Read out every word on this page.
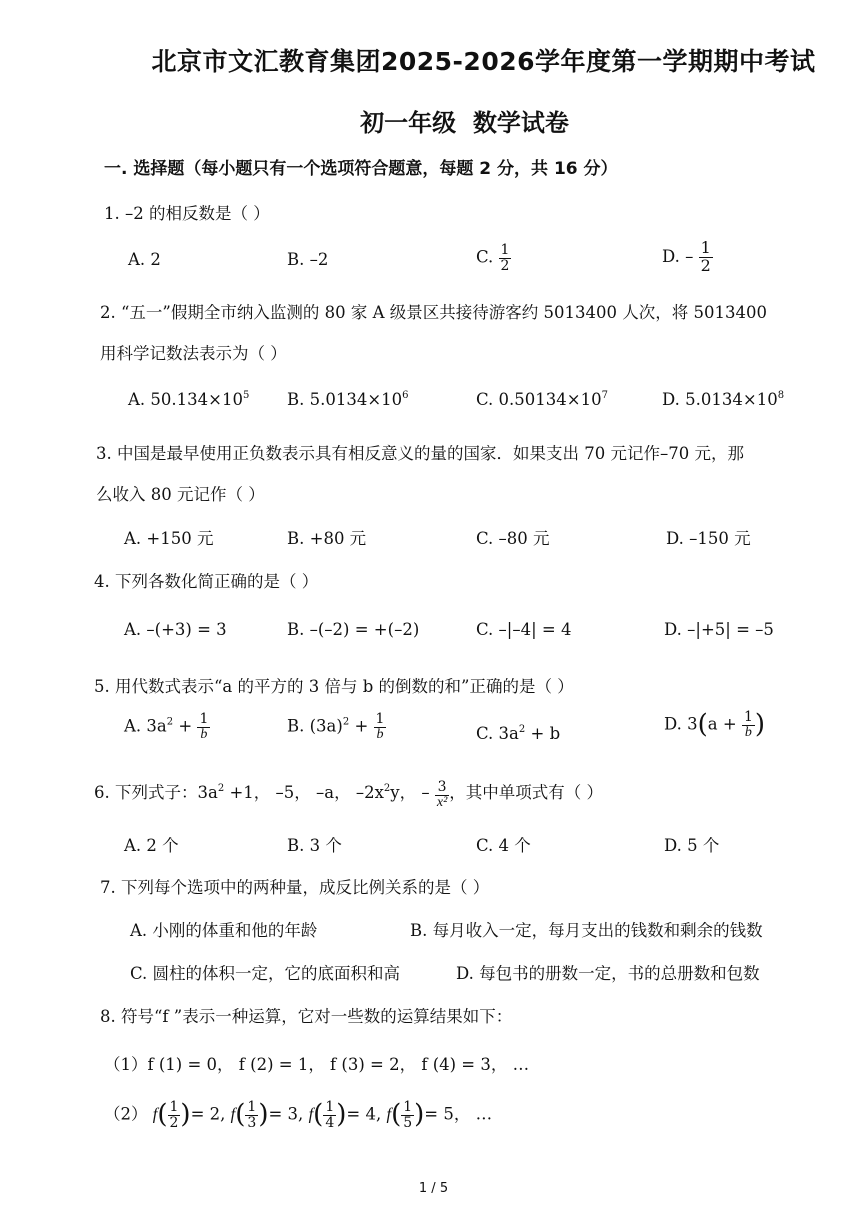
北京市文汇教育集团2025-2026学年度第一学期期中考试
初一年级  数学试卷
一. 选择题（每小题只有一个选项符合题意，每题 2 分，共 16 分）
1. –2 的相反数是（ ）
A. 2	B. –2	C. $\frac{1}{2}$	D. – $\frac{1}{2}$
2. “五一”假期全市纳入监测的 80 家 A 级景区共接待游客约 5013400 人次，将 5013400
用科学记数法表示为（ ）
A. $50.134\times 10^5$ B. $5.0134\times 10^6$	C. $0.50134\times 10^7$	D. $5.0134\times 10^8$
3. 中国是最早使用正负数表示具有相反意义的量的国家．如果支出 70 元记作–70 元，那
么收入 80 元记作（ ）
A. +150 元	B. +80 元	C. –80 元	D. –150 元
4. 下列各数化简正确的是（ ）
A. –(+3) = 3	B. –(–2) = +(–2)	C. –|–4| = 4	D. –|+5| = –5
5. 用代数式表示“a 的平方的 3 倍与 b 的倒数的和”正确的是（ ）
A. $3a^2 + \frac{1}{b}$	B. $(3a)^2 + \frac{1}{b}$	C. $3a^2 + b$	D. $3(a + \frac{1}{b}$ )
6. 下列式子：$3a^2 +1$， –5， –a， $-2x^2y$， – $\frac{3}{\text{x²}}$ ，其中单项式有（ ）
A. 2 个	B. 3 个	C. 4 个	D. 5 个
7. 下列每个选项中的两种量，成反比例关系的是（ ）
A. 小刚的体重和他的年龄	B. 每月收入一定，每月支出的钱数和剩余的钱数
C. 圆柱的体积一定，它的底面积和高	D. 每包书的册数一定，书的总册数和包数
8. 符号“f ”表示一种运算，它对一些数的运算结果如下：
（1）f (1) = 0， f (2) = 1， f (3) = 2， f (4) = 3， …
（2） $f( \frac{1}{2}$ )= 2, $f( \frac{1}{3}$ )= 3, $f( \frac{1}{4}$ )= 4, $f( \frac{1}{5}$ )= 5， …
1 / 5
